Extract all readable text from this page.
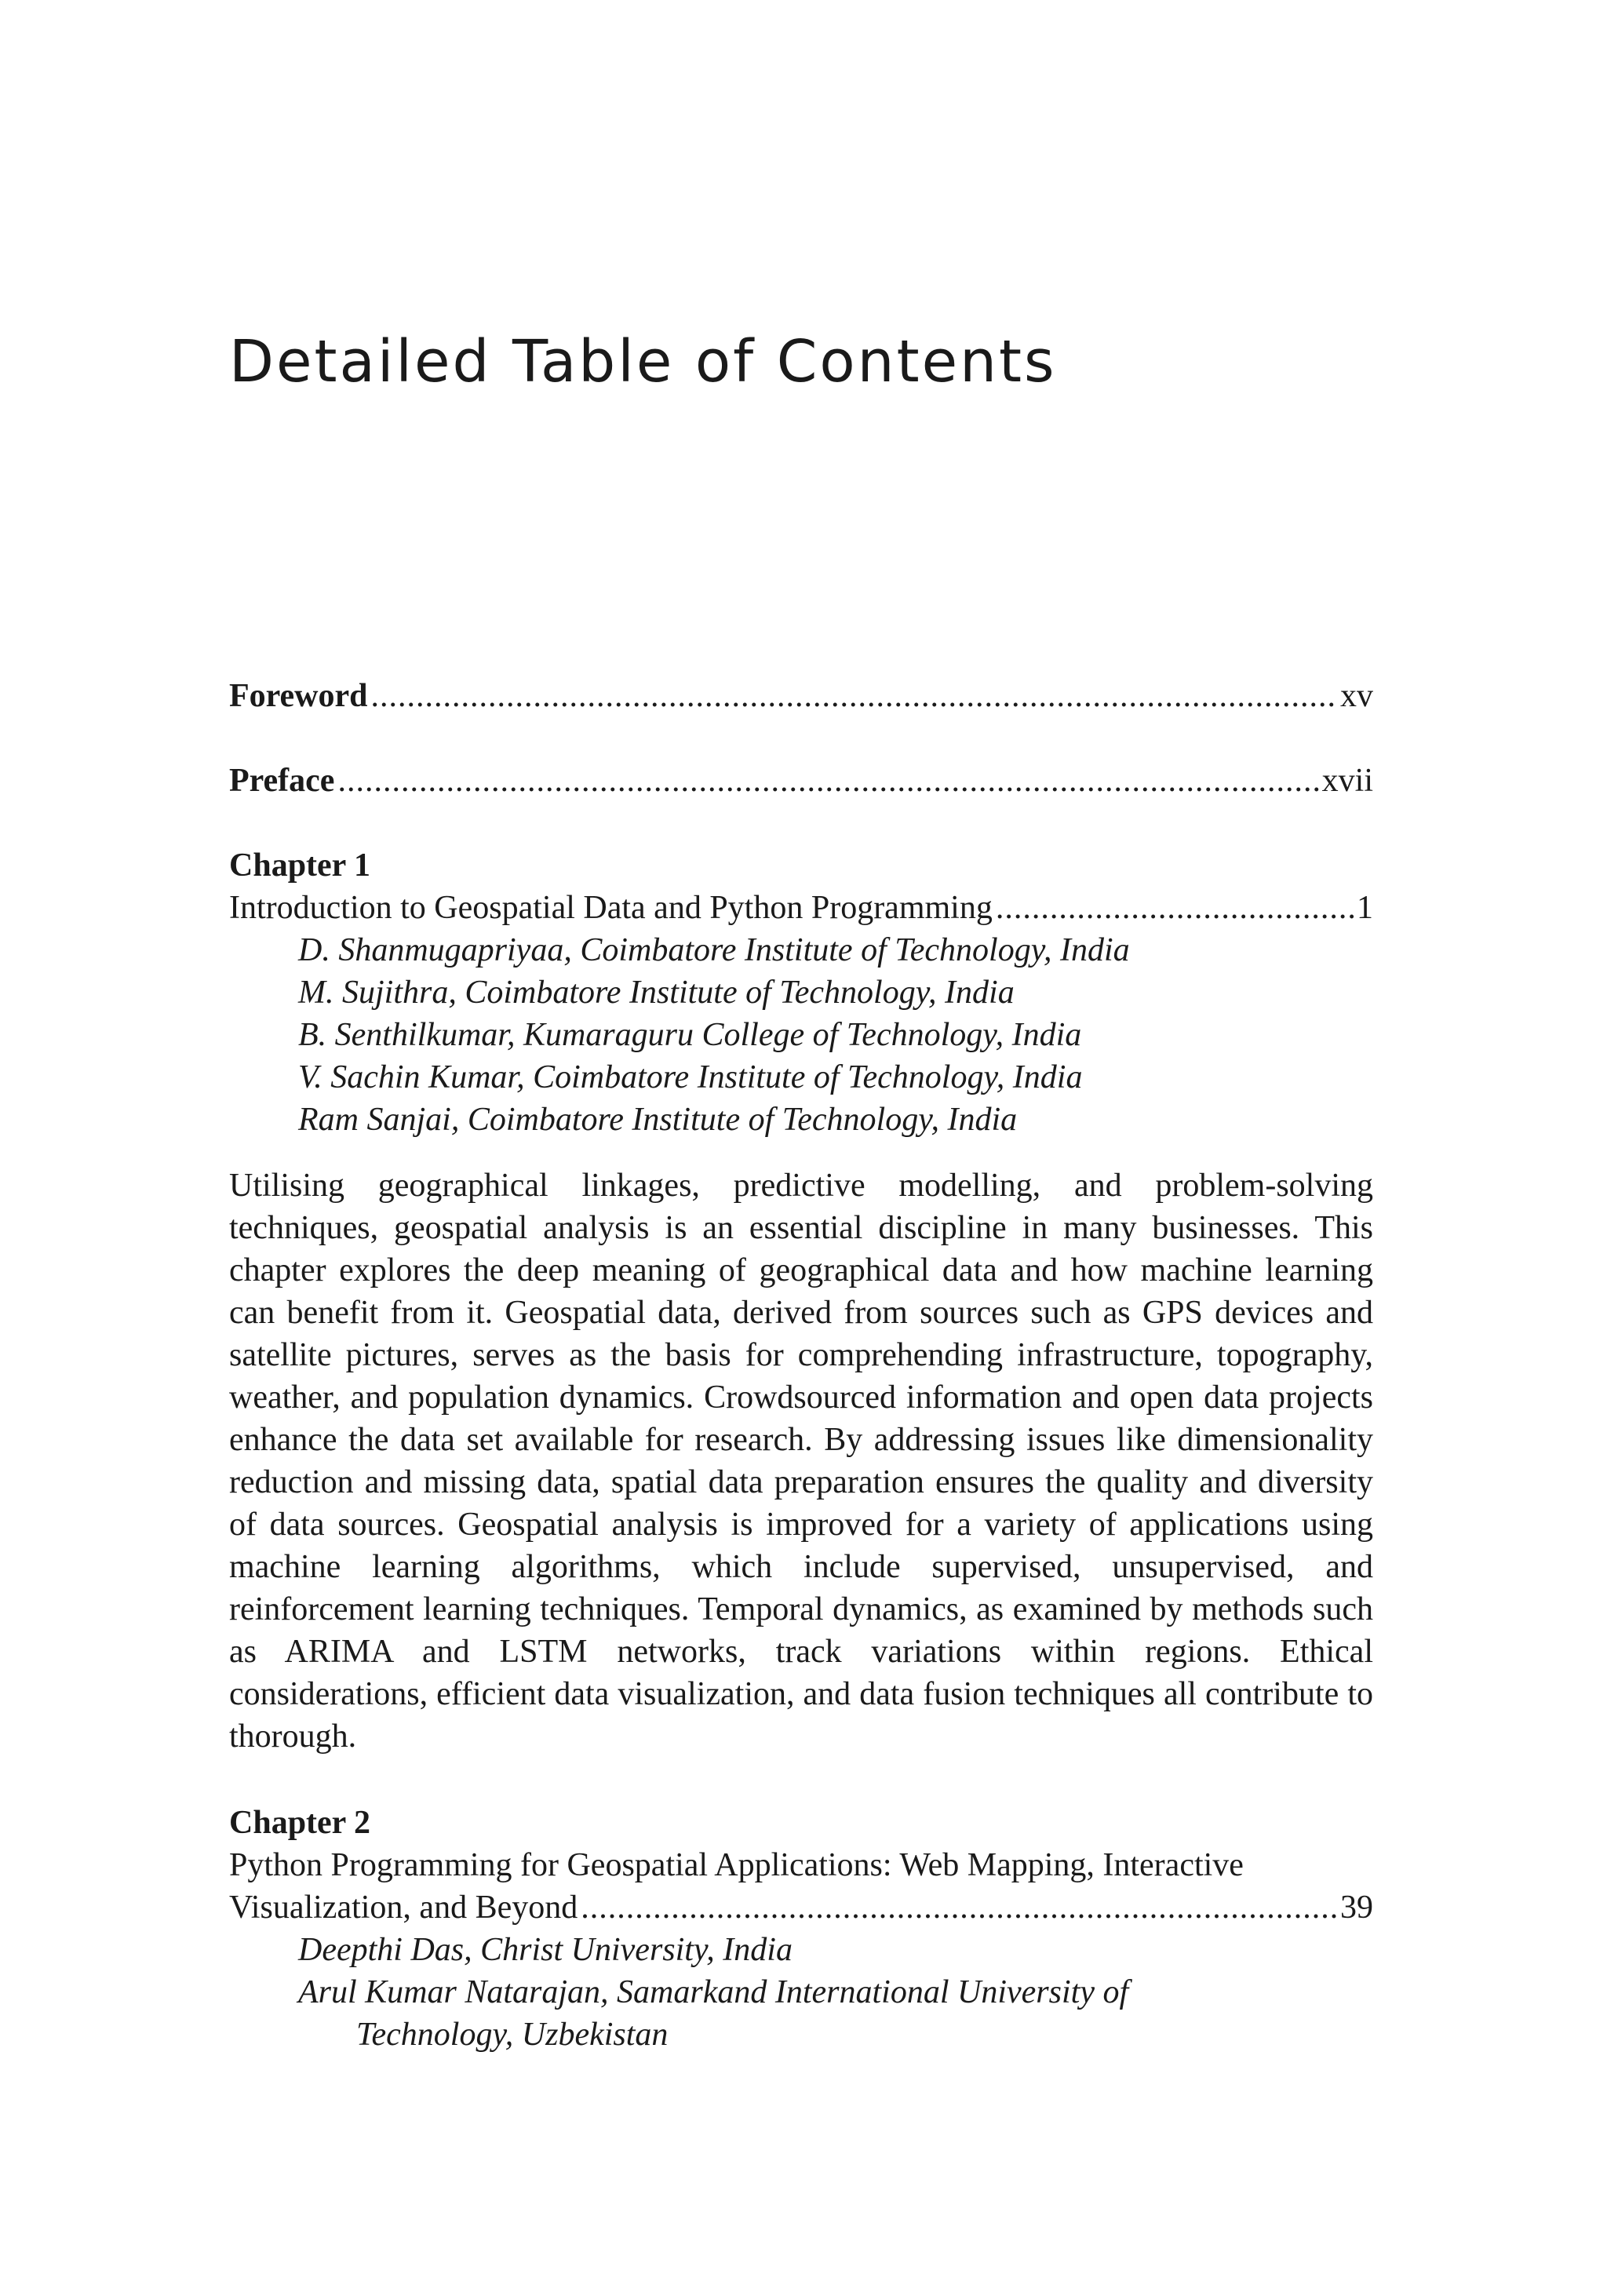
Detailed Table of Contents
Foreword .....	xv
Preface .....	xvii
Chapter 1
Introduction to Geospatial Data and Python Programming .....	1
D. Shanmugapriyaa, Coimbatore Institute of Technology, India
M. Sujithra, Coimbatore Institute of Technology, India
B. Senthilkumar, Kumaraguru College of Technology, India
V. Sachin Kumar, Coimbatore Institute of Technology, India
Ram Sanjai, Coimbatore Institute of Technology, India

Utilising geographical linkages, predictive modelling, and problem-solving techniques, geospatial analysis is an essential discipline in many businesses. This chapter explores the deep meaning of geographical data and how machine learning can benefit from it. Geospatial data, derived from sources such as GPS devices and satellite pictures, serves as the basis for comprehending infrastructure, topography, weather, and population dynamics. Crowdsourced information and open data projects enhance the data set available for research. By addressing issues like dimensionality reduction and missing data, spatial data preparation ensures the quality and diversity of data sources. Geospatial analysis is improved for a variety of applications using machine learning algorithms, which include supervised, unsupervised, and reinforcement learning techniques. Temporal dynamics, as examined by methods such as ARIMA and LSTM networks, track variations within regions. Ethical considerations, efficient data visualization, and data fusion techniques all contribute to thorough.

Chapter 2
Python Programming for Geospatial Applications: Web Mapping, Interactive
Visualization, and Beyond .....	39
Deepthi Das, Christ University, India
Arul Kumar Natarajan, Samarkand International University of
Technology, Uzbekistan
